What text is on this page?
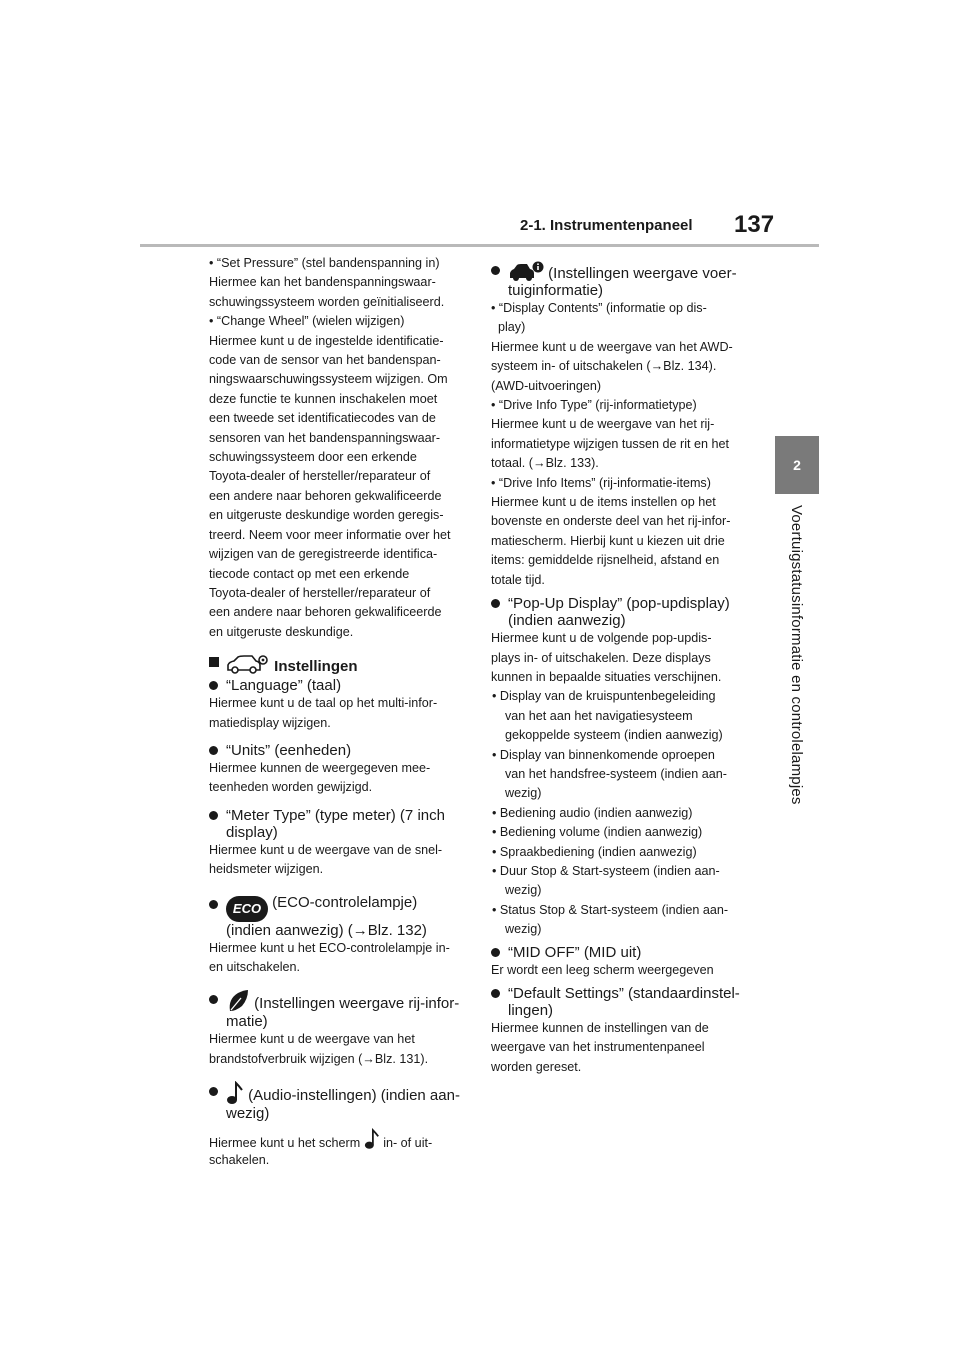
2-1. Instrumentenpaneel 137
2
Voertuigstatusinformatie en controlelampjes
• “Set Pressure” (stel bandenspanning in)
Hiermee kan het bandenspanningswaar-
schuwingssysteem worden geïnitialiseerd.
• “Change Wheel” (wielen wijzigen)
Hiermee kunt u de ingestelde identificatie-
code van de sensor van het bandenspan-
ningswaarschuwingssysteem wijzigen. Om
deze functie te kunnen inschakelen moet
een tweede set identificatiecodes van de
sensoren van het bandenspanningswaar-
schuwingssysteem door een erkende
Toyota-dealer of hersteller/reparateur of
een andere naar behoren gekwalificeerde
en uitgeruste deskundige worden geregis-
treerd. Neem voor meer informatie over het
wijzigen van de geregistreerde identifica-
tiecode contact op met een erkende
Toyota-dealer of hersteller/reparateur of
een andere naar behoren gekwalificeerde
en uitgeruste deskundige.
Instellingen
“Language” (taal)
Hiermee kunt u de taal op het multi-infor-
matiedisplay wijzigen.
“Units” (eenheden)
Hiermee kunnen de weergegeven mee-
teenheden worden gewijzigd.
“Meter Type” (type meter) (7 inch
display)
Hiermee kunt u de weergave van de snel-
heidsmeter wijzigen.
ECO (ECO-controlelampje)
(indien aanwezig) (→Blz. 132)
Hiermee kunt u het ECO-controlelampje in-
en uitschakelen.
(Instellingen weergave rij-infor-
matie)
Hiermee kunt u de weergave van het
brandstofverbruik wijzigen (→Blz. 131).
(Audio-instellingen) (indien aan-
wezig)
Hiermee kunt u het scherm in- of uit-
schakelen.
(Instellingen weergave voer-
tuiginformatie)
• “Display Contents” (informatie op dis-
play)
Hiermee kunt u de weergave van het AWD-
systeem in- of uitschakelen (→Blz. 134).
(AWD-uitvoeringen)
• “Drive Info Type” (rij-informatietype)
Hiermee kunt u de weergave van het rij-
informatietype wijzigen tussen de rit en het
totaal. (→Blz. 133).
• “Drive Info Items” (rij-informatie-items)
Hiermee kunt u de items instellen op het
bovenste en onderste deel van het rij-infor-
matiescherm. Hierbij kunt u kiezen uit drie
items: gemiddelde rijsnelheid, afstand en
totale tijd.
“Pop-Up Display” (pop-updisplay)
(indien aanwezig)
Hiermee kunt u de volgende pop-updis-
plays in- of uitschakelen. Deze displays
kunnen in bepaalde situaties verschijnen.
• Display van de kruispuntenbegeleiding
van het aan het navigatiesysteem
gekoppelde systeem (indien aanwezig)
• Display van binnenkomende oproepen
van het handsfree-systeem (indien aan-
wezig)
• Bediening audio (indien aanwezig)
• Bediening volume (indien aanwezig)
• Spraakbediening (indien aanwezig)
• Duur Stop & Start-systeem (indien aan-
wezig)
• Status Stop & Start-systeem (indien aan-
wezig)
“MID OFF” (MID uit)
Er wordt een leeg scherm weergegeven
“Default Settings” (standaardinstel-
lingen)
Hiermee kunnen de instellingen van de
weergave van het instrumentenpaneel
worden gereset.
